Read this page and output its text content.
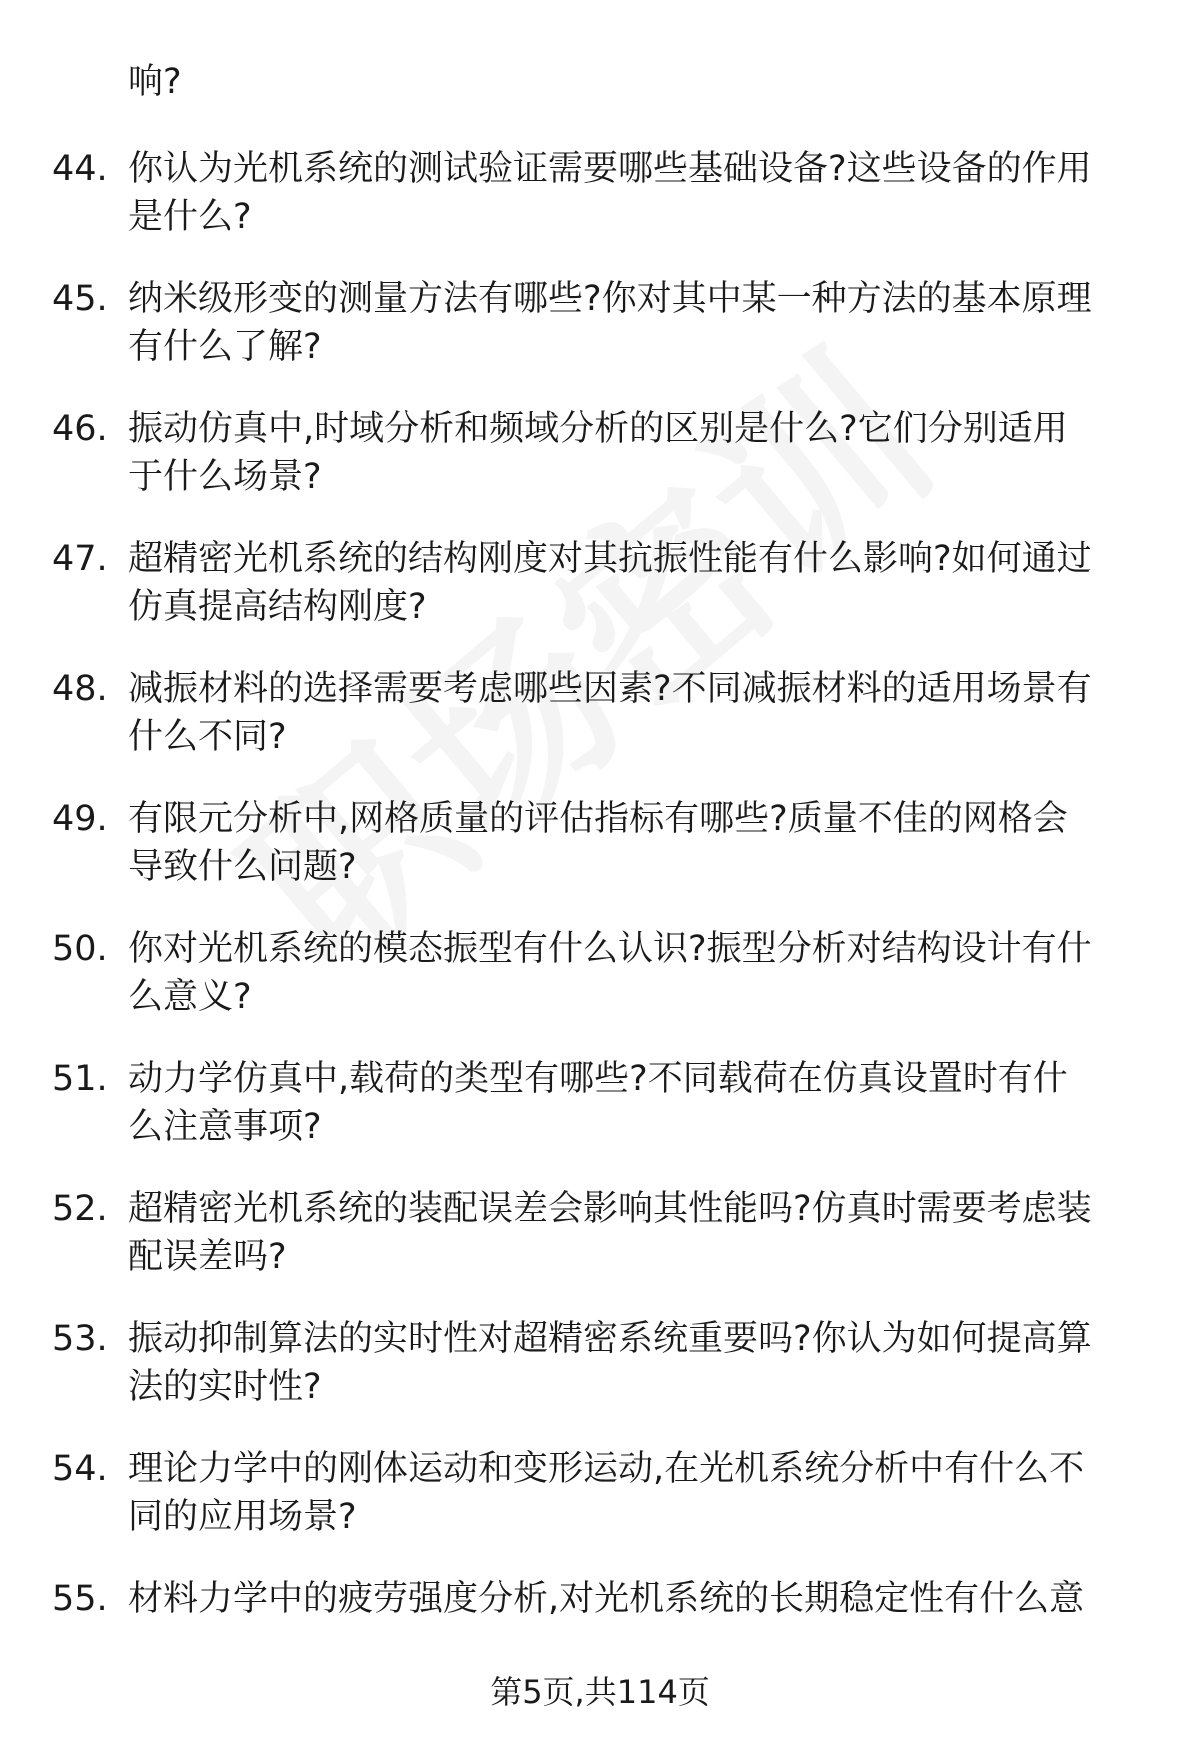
响?
44. 你认为光机系统的测试验证需要哪些基础设备?这些设备的作用
是什么?
45. 纳米级形变的测量方法有哪些?你对其中某一种方法的基本原理
有什么了解?
46. 振动仿真中,时域分析和频域分析的区别是什么?它们分别适用
于什么场景?
47. 超精密光机系统的结构刚度对其抗振性能有什么影响?如何通过
仿真提高结构刚度?
48. 减振材料的选择需要考虑哪些因素?不同减振材料的适用场景有
什么不同?
49. 有限元分析中,网格质量的评估指标有哪些?质量不佳的网格会
导致什么问题?
50. 你对光机系统的模态振型有什么认识?振型分析对结构设计有什
么意义?
51. 动力学仿真中,载荷的类型有哪些?不同载荷在仿真设置时有什
么注意事项?
52. 超精密光机系统的装配误差会影响其性能吗?仿真时需要考虑装
配误差吗?
53. 振动抑制算法的实时性对超精密系统重要吗?你认为如何提高算
法的实时性?
54. 理论力学中的刚体运动和变形运动,在光机系统分析中有什么不
同的应用场景?
55. 材料力学中的疲劳强度分析,对光机系统的长期稳定性有什么意
第5页,共114页
